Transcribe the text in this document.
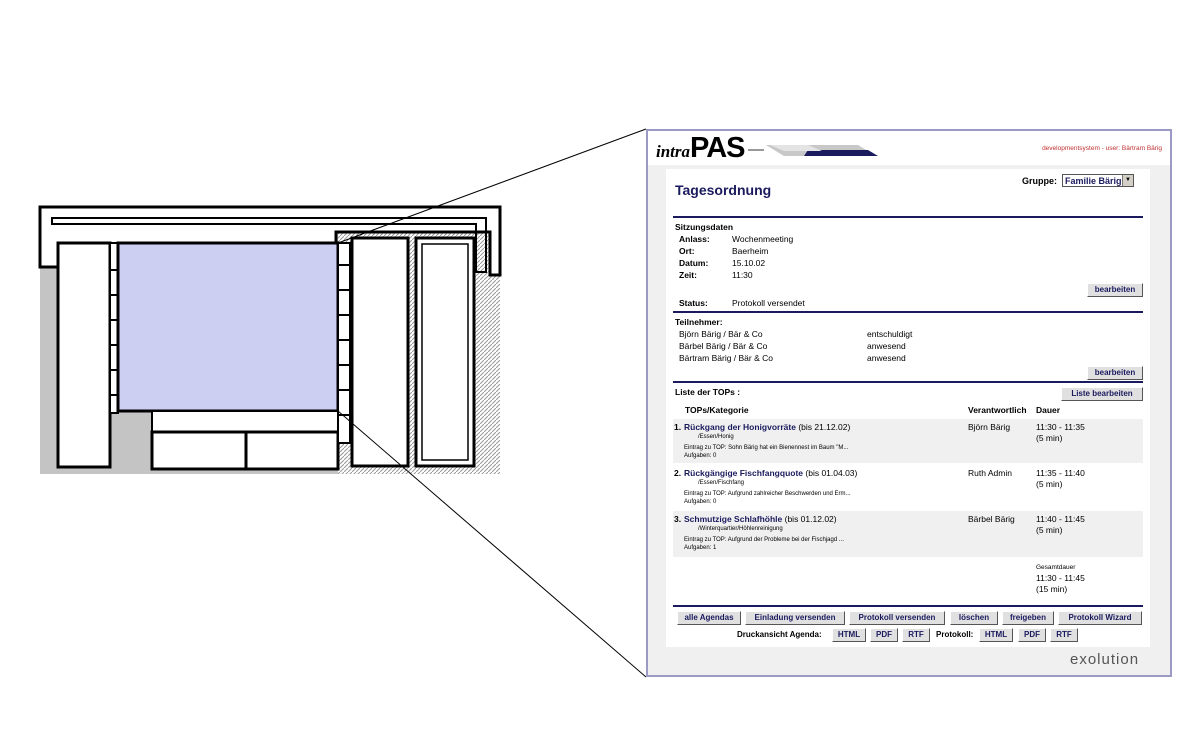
intraPAS	developmentsystem - user: Bärtram Bärig
Tagesordnung
Gruppe: Familie Bärig ▼
Sitzungsdaten
Anlass:	Wochenmeeting
Ort:	Baerheim
Datum:	15.10.02
Zeit:	11:30
bearbeiten
Status:	Protokoll versendet
Teilnehmer:
Björn Bärig / Bär & Co	entschuldigt
Bärbel Bärig / Bär & Co	anwesend
Bärtram Bärig / Bär & Co	anwesend
bearbeiten
Liste der TOPs :	Liste bearbeiten
TOPs/Kategorie	Verantwortlich Dauer
1. Rückgang der Honigvorräte (bis 21.12.02)
/Essen/Honig
Eintrag zu TOP: Sohn Bärig hat ein Bienennest im Baum "M...
Aufgaben: 0
Björn Bärig	11:30 - 11:35
(5 min)
2. Rückgängige Fischfangquote (bis 01.04.03)
/Essen/Fischfang
Eintrag zu TOP: Aufgrund zahlreicher Beschwerden und Erm...
Aufgaben: 0
Ruth Admin	11:35 - 11:40
(5 min)
3. Schmutzige Schlafhöhle (bis 01.12.02)
/Winterquartier/Höhlenreinigung
Eintrag zu TOP: Aufgrund der Probleme bei der Fischjagd ...
Aufgaben: 1
Bärbel Bärig 11:40 - 11:45
(5 min)
Gesamtdauer
11:30 - 11:45
(15 min)
alle Agendas	Einladung versenden	Protokoll versenden	löschen	freigeben	Protokoll Wizard
Druckansicht Agenda:	HTML	PDF	RTF	Protokoll:	HTML	PDF	RTF
exolution
